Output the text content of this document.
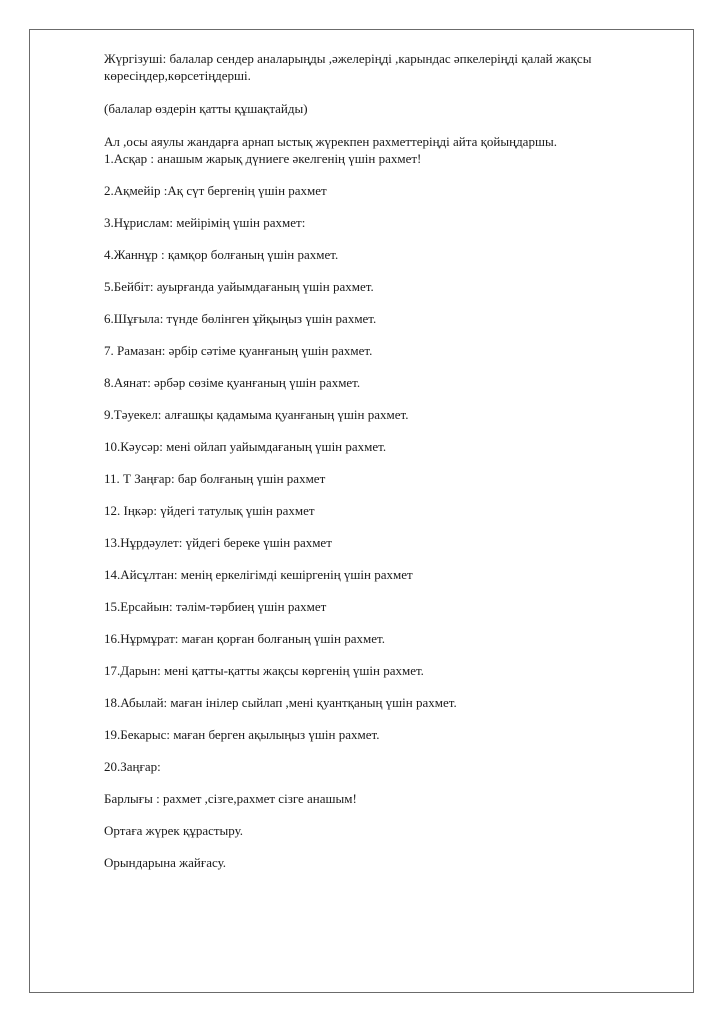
Жүргізуші: балалар сендер аналарыңды ,әжелеріңді ,карындас әпкелеріңді қалай жақсы

көресіңдер,көрсетіңдерші.

(балалар өздерін қатты құшақтайды)

Ал ,осы аяулы жандарға арнап ыстық жүрекпен рахметтеріңді айта қойыңдаршы.

1.Асқар : анашым жарық дүниеге әкелгенің үшін рахмет!

2.Ақмейір :Ақ сүт бергенің үшін рахмет

3.Нұрислам: мейірімің үшін рахмет:

4.Жаннұр : қамқор болғаның үшін рахмет.

5.Бейбіт: ауырғанда уайымдағаның үшін рахмет.

6.Шұғыла: түнде бөлінген ұйқыңыз үшін рахмет.

7. Рамазан: әрбір сәтіме қуанғаның үшін рахмет.

8.Аянат: әрбәр сөзіме қуанғаның үшін рахмет.

9.Тәуекел: алғашқы қадамыма қуанғаның үшін рахмет.

10.Кәусәр: мені ойлап уайымдағаның үшін рахмет.

11. Т Заңғар: бар болғаның үшін рахмет

12. Іңкәр: үйдегі татулық үшін рахмет

13.Нұрдәулет: үйдегі береке үшін рахмет

14.Айсұлтан: менің еркелігімді кешіргенің үшін рахмет

15.Ерсайын: тәлім-тәрбиең үшін рахмет

16.Нұрмұрат: маған қорған болғаның үшін рахмет.

17.Дарын: мені қатты-қатты жақсы көргенің үшін рахмет.

18.Абылай: маған інілер сыйлап ,мені қуантқаның үшін рахмет.

19.Бекарыс: маған берген ақылыңыз үшін рахмет.

20.Заңғар:

Барлығы : рахмет ,сізге,рахмет сізге анашым!

Ортаға жүрек құрастыру.

Орындарына жайғасу.
